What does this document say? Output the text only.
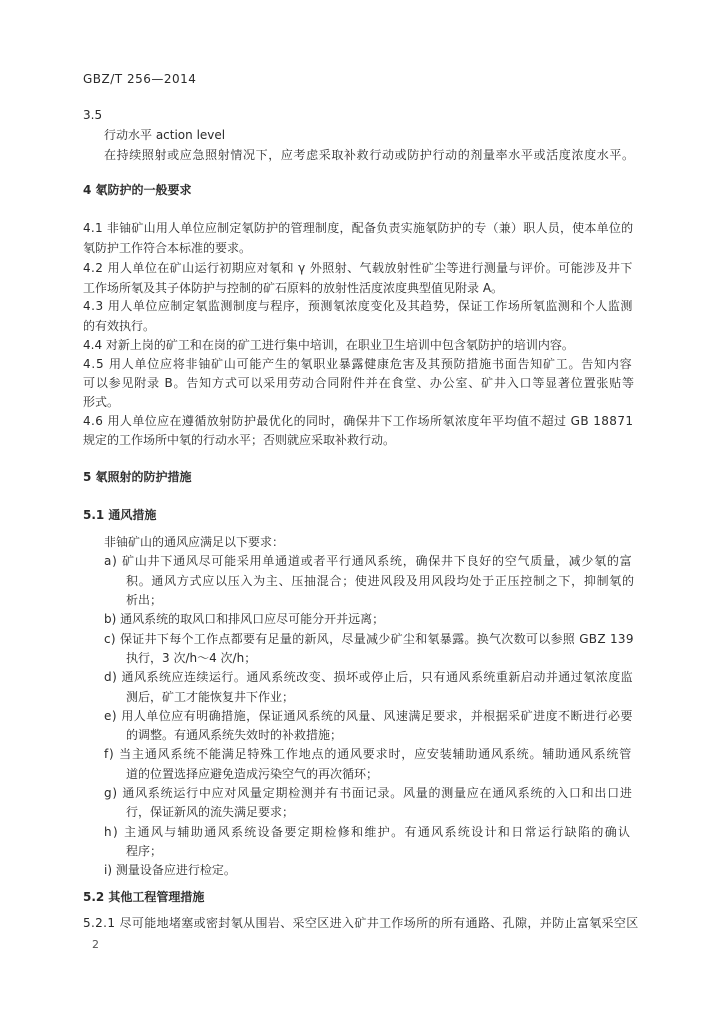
GBZ/T 256—2014
3.5
行动水平 action level
在持续照射或应急照射情况下，应考虑采取补救行动或防护行动的剂量率水平或活度浓度水平。
4 氡防护的一般要求
4.1 非铀矿山用人单位应制定氡防护的管理制度，配备负责实施氡防护的专（兼）职人员，使本单位的
氡防护工作符合本标准的要求。
4.2 用人单位在矿山运行初期应对氡和 γ 外照射、气载放射性矿尘等进行测量与评价。可能涉及井下
工作场所氡及其子体防护与控制的矿石原料的放射性活度浓度典型值见附录 A。
4.3 用人单位应制定氡监测制度与程序，预测氡浓度变化及其趋势，保证工作场所氡监测和个人监测
的有效执行。
4.4 对新上岗的矿工和在岗的矿工进行集中培训，在职业卫生培训中包含氡防护的培训内容。
4.5 用人单位应将非铀矿山可能产生的氡职业暴露健康危害及其预防措施书面告知矿工。告知内容
可以参见附录 B。告知方式可以采用劳动合同附件并在食堂、办公室、矿井入口等显著位置张贴等
形式。
4.6 用人单位应在遵循放射防护最优化的同时，确保井下工作场所氡浓度年平均值不超过 GB 18871
规定的工作场所中氡的行动水平；否则就应采取补救行动。
5 氡照射的防护措施
5.1 通风措施
非铀矿山的通风应满足以下要求：
a) 矿山井下通风尽可能采用单通道或者平行通风系统，确保井下良好的空气质量，减少氡的富
积。通风方式应以压入为主、压抽混合；使进风段及用风段均处于正压控制之下，抑制氡的
析出；
b) 通风系统的取风口和排风口应尽可能分开并远离；
c) 保证井下每个工作点都要有足量的新风，尽量减少矿尘和氡暴露。换气次数可以参照 GBZ 139
执行，3 次/h～4 次/h；
d) 通风系统应连续运行。通风系统改变、损坏或停止后，只有通风系统重新启动并通过氡浓度监
测后，矿工才能恢复井下作业；
e) 用人单位应有明确措施，保证通风系统的风量、风速满足要求，并根据采矿进度不断进行必要
的调整。有通风系统失效时的补救措施；
f) 当主通风系统不能满足特殊工作地点的通风要求时，应安装辅助通风系统。辅助通风系统管
道的位置选择应避免造成污染空气的再次循环；
g) 通风系统运行中应对风量定期检测并有书面记录。风量的测量应在通风系统的入口和出口进
行，保证新风的流失满足要求；
h) 主通风与辅助通风系统设备要定期检修和维护。有通风系统设计和日常运行缺陷的确认
程序；
i) 测量设备应进行检定。
5.2 其他工程管理措施
5.2.1 尽可能地堵塞或密封氡从围岩、采空区进入矿井工作场所的所有通路、孔隙，并防止富氡采空区
2
